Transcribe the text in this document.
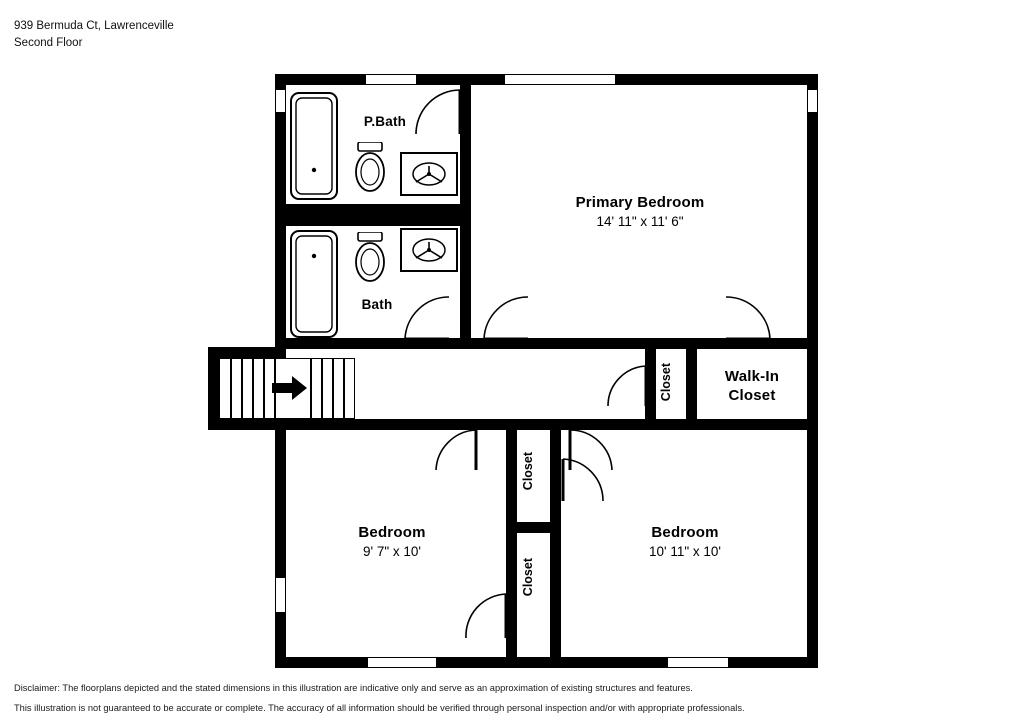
939 Bermuda Ct, Lawrenceville
Second Floor
P.Bath
Primary Bedroom
14' 11" x 11' 6"
Bath
Walk-In
Closet
Bedroom
9' 7" x 10'
Bedroom
10' 11" x 10'
Closet
Closet
Closet
Disclaimer: The floorplans depicted and the stated dimensions in this illustration are indicative only and serve as an approximation of existing structures and features.
This illustration is not guaranteed to be accurate or complete. The accuracy of all information should be verified through personal inspection and/or with appropriate professionals.
